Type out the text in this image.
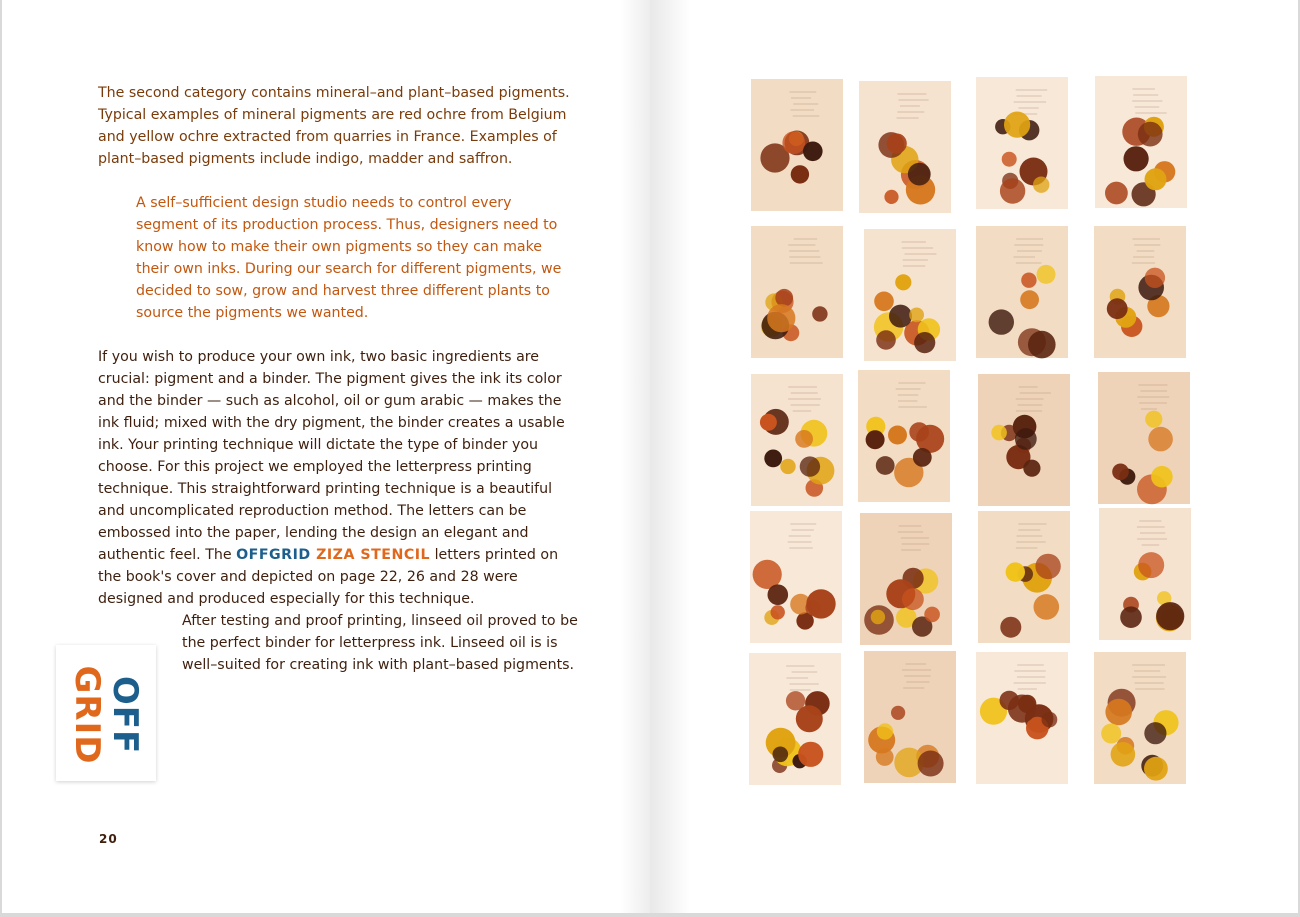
The second category contains mineral–and plant–based pigments. Typical examples of mineral pigments are red ochre from Belgium and yellow ochre extracted from quarries in France. Examples of plant–based pigments include indigo, madder and saffron.

A self–sufficient design studio needs to control every segment of its production process. Thus, designers need to know how to make their own pigments so they can make their own inks. During our search for different pigments, we decided to sow, grow and harvest three different plants to source the pigments we wanted.

If you wish to produce your own ink, two basic ingredients are crucial: pigment and a binder. The pigment gives the ink its color and the binder — such as alcohol, oil or gum arabic — makes the ink fluid; mixed with the dry pigment, the binder creates a usable ink. Your printing technique will dictate the type of binder you choose. For this project we employed the letterpress printing technique. This straightforward printing technique is a beautiful and uncomplicated reproduction method. The letters can be embossed into the paper, lending the design an elegant and authentic feel. The OFFGRID ZIZA STENCIL letters printed on the book's cover and depicted on page 22, 26 and 28 were designed and produced especially for this technique.

After testing and proof printing, linseed oil proved to be the perfect binder for letterpress ink. Linseed oil is is well–suited for creating ink with plant–based pigments.

OFF
GRID
20
